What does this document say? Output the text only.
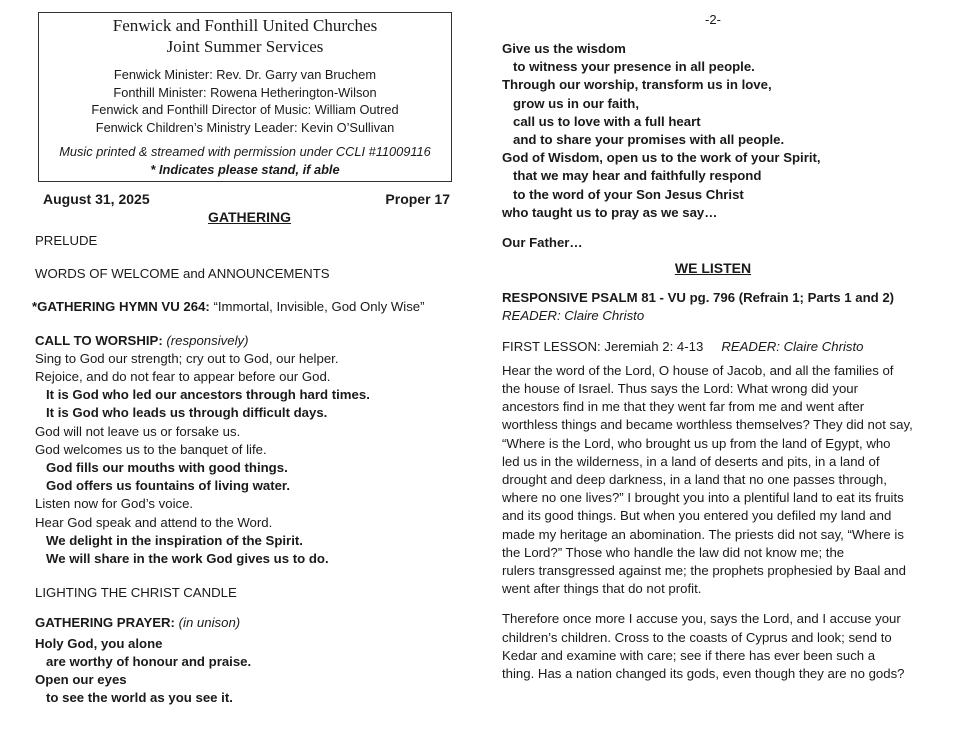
Fenwick and Fonthill United Churches
Joint Summer Services
Fenwick Minister: Rev. Dr. Garry van Bruchem
Fonthill Minister: Rowena Hetherington-Wilson
Fenwick and Fonthill Director of Music: William Outred
Fenwick Children’s Ministry Leader: Kevin O’Sullivan
Music printed & streamed with permission under CCLI #11009116
* Indicates please stand, if able
August 31, 2025	Proper 17
GATHERING
PRELUDE
WORDS OF WELCOME and ANNOUNCEMENTS
*GATHERING HYMN VU 264: “Immortal, Invisible, God Only Wise”
CALL TO WORSHIP: (responsively)
Sing to God our strength; cry out to God, our helper.
Rejoice, and do not fear to appear before our God.
It is God who led our ancestors through hard times.
It is God who leads us through difficult days.
God will not leave us or forsake us.
God welcomes us to the banquet of life.
God fills our mouths with good things.
God offers us fountains of living water.
Listen now for God’s voice.
Hear God speak and attend to the Word.
We delight in the inspiration of the Spirit.
We will share in the work God gives us to do.
LIGHTING THE CHRIST CANDLE
GATHERING PRAYER: (in unison)
Holy God, you alone
are worthy of honour and praise.
Open our eyes
to see the world as you see it.
-2-
Give us the wisdom
to witness your presence in all people.
Through our worship, transform us in love,
grow us in our faith,
call us to love with a full heart
and to share your promises with all people.
God of Wisdom, open us to the work of your Spirit,
that we may hear and faithfully respond
to the word of your Son Jesus Christ
who taught us to pray as we say…
Our Father…
WE LISTEN
RESPONSIVE PSALM 81 - VU pg. 796 (Refrain 1; Parts 1 and 2)
READER: Claire Christo
FIRST LESSON: Jeremiah 2: 4-13 READER: Claire Christo
Hear the word of the Lord, O house of Jacob, and all the families of
the house of Israel. Thus says the Lord: What wrong did your
ancestors find in me that they went far from me and went after
worthless things and became worthless themselves? They did not say,
“Where is the Lord, who brought us up from the land of Egypt, who
led us in the wilderness, in a land of deserts and pits, in a land of
drought and deep darkness, in a land that no one passes through,
where no one lives?” I brought you into a plentiful land to eat its fruits
and its good things. But when you entered you defiled my land and
made my heritage an abomination. The priests did not say, “Where is
the Lord?” Those who handle the law did not know me; the
rulers transgressed against me; the prophets prophesied by Baal and
went after things that do not profit.
Therefore once more I accuse you, says the Lord, and I accuse your
children’s children. Cross to the coasts of Cyprus and look; send to
Kedar and examine with care; see if there has ever been such a
thing. Has a nation changed its gods, even though they are no gods?
